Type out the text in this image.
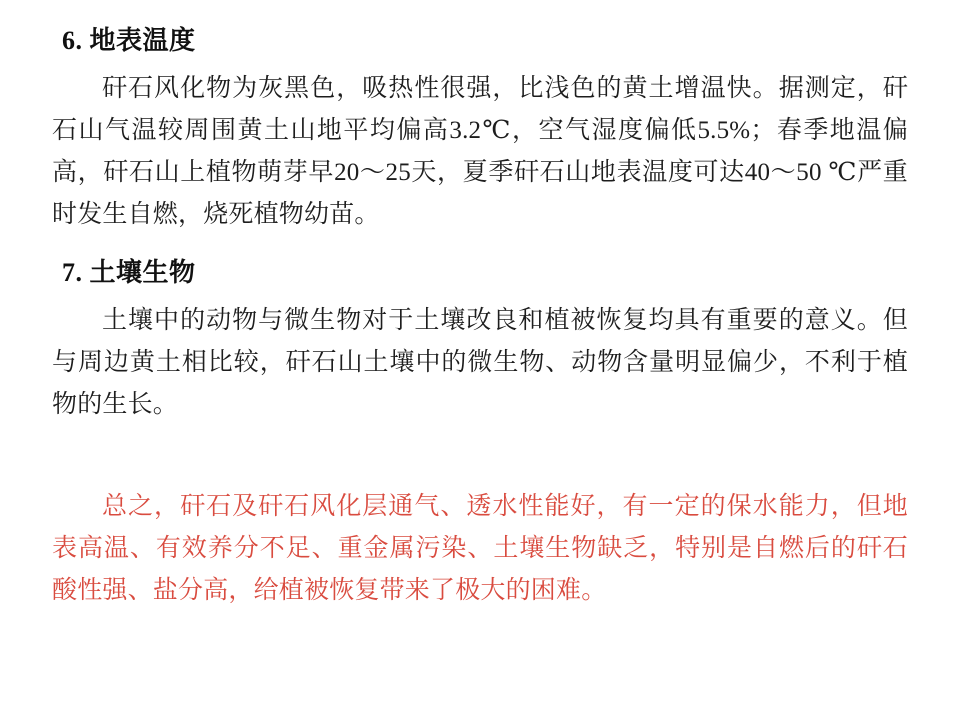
6. 地表温度

矸石风化物为灰黑色，吸热性很强，比浅色的黄土增温快。据测定，矸石山气温较周围黄土山地平均偏高3.2℃，空气湿度偏低5.5%；春季地温偏高，矸石山上植物萌芽早20～25天，夏季矸石山地表温度可达40～50 ℃严重时发生自燃，烧死植物幼苗。

7. 土壤生物

土壤中的动物与微生物对于土壤改良和植被恢复均具有重要的意义。但与周边黄土相比较，矸石山土壤中的微生物、动物含量明显偏少，不利于植物的生长。

总之，矸石及矸石风化层通气、透水性能好，有一定的保水能力，但地表高温、有效养分不足、重金属污染、土壤生物缺乏，特别是自燃后的矸石酸性强、盐分高，给植被恢复带来了极大的困难。
